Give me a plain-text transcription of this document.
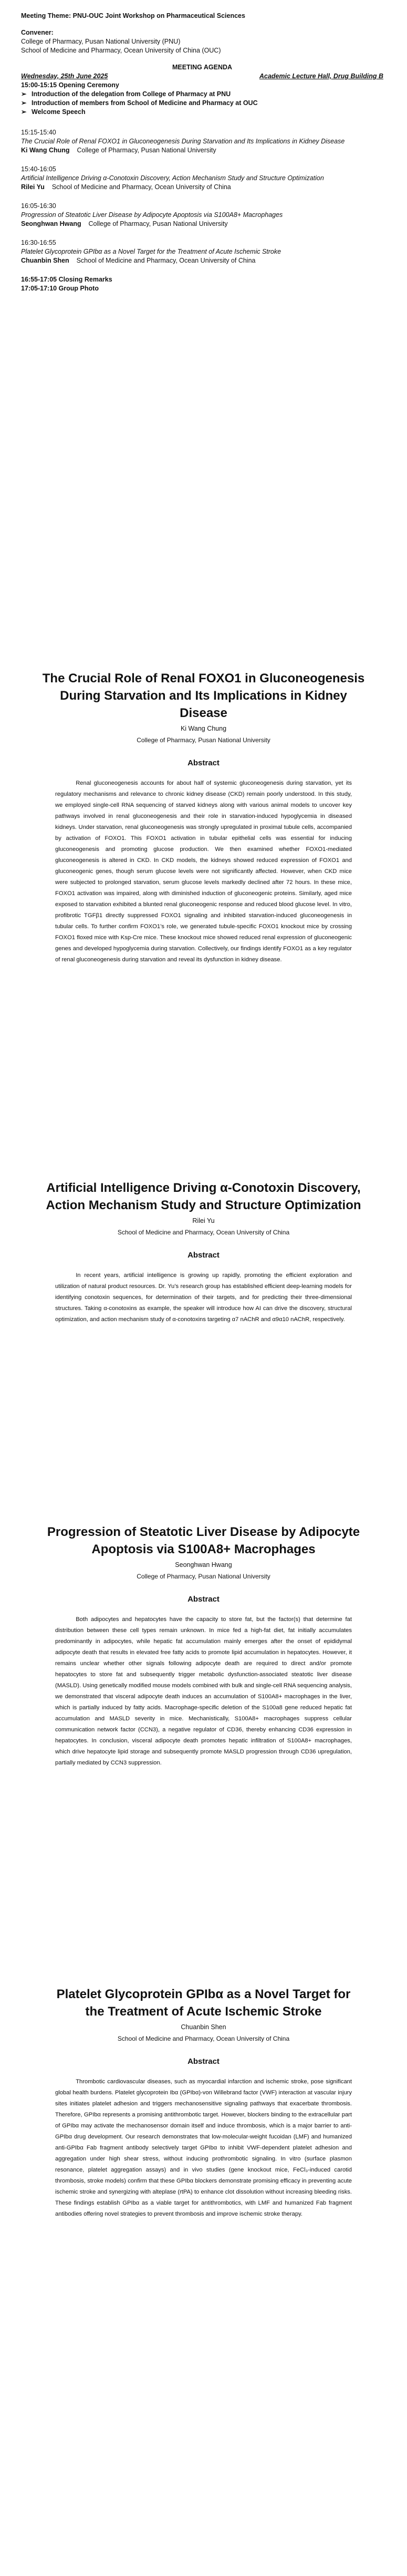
Meeting Theme: PNU-OUC Joint Workshop on Pharmaceutical Sciences
Convener:
College of Pharmacy, Pusan National University (PNU)
School of Medicine and Pharmacy, Ocean University of China (OUC)
MEETING AGENDA
Wednesday, 25th June 2025	Academic Lecture Hall, Drug Building B
15:00-15:15 Opening Ceremony
➢ Introduction of the delegation from College of Pharmacy at PNU
➢ Introduction of members from School of Medicine and Pharmacy at OUC
➢ Welcome Speech
15:15-15:40
The Crucial Role of Renal FOXO1 in Gluconeogenesis During Starvation and Its Implications in Kidney Disease
Ki Wang Chung College of Pharmacy, Pusan National University
15:40-16:05
Artificial Intelligence Driving α-Conotoxin Discovery, Action Mechanism Study and Structure Optimization
Rilei Yu School of Medicine and Pharmacy, Ocean University of China
16:05-16:30
Progression of Steatotic Liver Disease by Adipocyte Apoptosis via S100A8+ Macrophages
Seonghwan Hwang College of Pharmacy, Pusan National University
16:30-16:55
Platelet Glycoprotein GPIbα as a Novel Target for the Treatment of Acute Ischemic Stroke
Chuanbin Shen School of Medicine and Pharmacy, Ocean University of China
16:55-17:05 Closing Remarks
17:05-17:10 Group Photo
The Crucial Role of Renal FOXO1 in Gluconeogenesis During Starvation and Its Implications in Kidney Disease
Ki Wang Chung
College of Pharmacy, Pusan National University
Abstract
Renal gluconeogenesis accounts for about half of systemic gluconeogenesis during starvation, yet its regulatory mechanisms and relevance to chronic kidney disease (CKD) remain poorly understood. In this study, we employed single-cell RNA sequencing of starved kidneys along with various animal models to uncover key pathways involved in renal gluconeogenesis and their role in starvation-induced hypoglycemia in diseased kidneys. Under starvation, renal gluconeogenesis was strongly upregulated in proximal tubule cells, accompanied by activation of FOXO1. This FOXO1 activation in tubular epithelial cells was essential for inducing gluconeogenesis and promoting glucose production. We then examined whether FOXO1-mediated gluconeogenesis is altered in CKD. In CKD models, the kidneys showed reduced expression of FOXO1 and gluconeogenic genes, though serum glucose levels were not significantly affected. However, when CKD mice were subjected to prolonged starvation, serum glucose levels markedly declined after 72 hours. In these mice, FOXO1 activation was impaired, along with diminished induction of gluconeogenic proteins. Similarly, aged mice exposed to starvation exhibited a blunted renal gluconeogenic response and reduced blood glucose level. In vitro, profibrotic TGFβ1 directly suppressed FOXO1 signaling and inhibited starvation-induced gluconeogenesis in tubular cells. To further confirm FOXO1’s role, we generated tubule-specific FOXO1 knockout mice by crossing FOXO1 floxed mice with Ksp-Cre mice. These knockout mice showed reduced renal expression of gluconeogenic genes and developed hypoglycemia during starvation. Collectively, our findings identify FOXO1 as a key regulator of renal gluconeogenesis during starvation and reveal its dysfunction in kidney disease.
Artificial Intelligence Driving α-Conotoxin Discovery, Action Mechanism Study and Structure Optimization
Rilei Yu
School of Medicine and Pharmacy, Ocean University of China
Abstract
In recent years, artificial intelligence is growing up rapidly, promoting the efficient exploration and utilization of natural product resources. Dr. Yu’s research group has established efficient deep-learning models for identifying conotoxin sequences, for determination of their targets, and for predicting their three-dimensional structures. Taking α-conotoxins as example, the speaker will introduce how AI can drive the discovery, structural optimization, and action mechanism study of α-conotoxins targeting α7 nAChR and α9α10 nAChR, respectively.
Progression of Steatotic Liver Disease by Adipocyte Apoptosis via S100A8+ Macrophages
Seonghwan Hwang
College of Pharmacy, Pusan National University
Abstract
Both adipocytes and hepatocytes have the capacity to store fat, but the factor(s) that determine fat distribution between these cell types remain unknown. In mice fed a high-fat diet, fat initially accumulates predominantly in adipocytes, while hepatic fat accumulation mainly emerges after the onset of epididymal adipocyte death that results in elevated free fatty acids to promote lipid accumulation in hepatocytes. However, it remains unclear whether other signals following adipocyte death are required to direct and/or promote hepatocytes to store fat and subsequently trigger metabolic dysfunction-associated steatotic liver disease (MASLD). Using genetically modified mouse models combined with bulk and single-cell RNA sequencing analysis, we demonstrated that visceral adipocyte death induces an accumulation of S100A8+ macrophages in the liver, which is partially induced by fatty acids. Macrophage-specific deletion of the S100a8 gene reduced hepatic fat accumulation and MASLD severity in mice. Mechanistically, S100A8+ macrophages suppress cellular communication network factor (CCN3), a negative regulator of CD36, thereby enhancing CD36 expression in hepatocytes. In conclusion, visceral adipocyte death promotes hepatic infiltration of S100A8+ macrophages, which drive hepatocyte lipid storage and subsequently promote MASLD progression through CD36 upregulation, partially mediated by CCN3 suppression.
Platelet Glycoprotein GPIbα as a Novel Target for the Treatment of Acute Ischemic Stroke
Chuanbin Shen
School of Medicine and Pharmacy, Ocean University of China
Abstract
Thrombotic cardiovascular diseases, such as myocardial infarction and ischemic stroke, pose significant global health burdens. Platelet glycoprotein Ibα (GPIbα)-von Willebrand factor (VWF) interaction at vascular injury sites initiates platelet adhesion and triggers mechanosensitive signaling pathways that exacerbate thrombosis. Therefore, GPIbα represents a promising antithrombotic target. However, blockers binding to the extracellular part of GPIbα may activate the mechanosensor domain itself and induce thrombosis, which is a major barrier to anti-GPIbα drug development. Our research demonstrates that low-molecular-weight fucoidan (LMF) and humanized anti-GPIbα Fab fragment antibody selectively target GPIbα to inhibit VWF-dependent platelet adhesion and aggregation under high shear stress, without inducing prothrombotic signaling. In vitro (surface plasmon resonance, platelet aggregation assays) and in vivo studies (gene knockout mice, FeCl₃-induced carotid thrombosis, stroke models) confirm that these GPIbα blockers demonstrate promising efficacy in preventing acute ischemic stroke and synergizing with alteplase (rtPA) to enhance clot dissolution without increasing bleeding risks. These findings establish GPIbα as a viable target for antithrombotics, with LMF and humanized Fab fragment antibodies offering novel strategies to prevent thrombosis and improve ischemic stroke therapy.
